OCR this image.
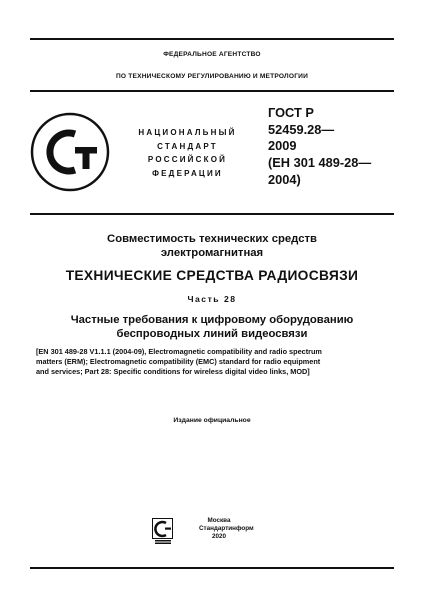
ФЕДЕРАЛЬНОЕ АГЕНТСТВО
ПО ТЕХНИЧЕСКОМУ РЕГУЛИРОВАНИЮ И МЕТРОЛОГИИ
НАЦИОНАЛЬНЫЙ
СТАНДАРТ
РОССИЙСКОЙ
ФЕДЕРАЦИИ
ГОСТ Р
52459.28—
2009
(ЕН 301 489-28—
2004)
Совместимость технических средств
электромагнитная
ТЕХНИЧЕСКИЕ СРЕДСТВА РАДИОСВЯЗИ
Часть 28
Частные требования к цифровому оборудованию
беспроводных линий видеосвязи
[EN 301 489-28 V1.1.1 (2004-09), Electromagnetic compatibility and radio spectrum
matters (ERM); Electromagnetic compatibility (EMC) standard for radio equipment
and services; Part 28: Specific conditions for wireless digital video links, MOD]
Издание официальное
Москва
Стандартинформ
2020
